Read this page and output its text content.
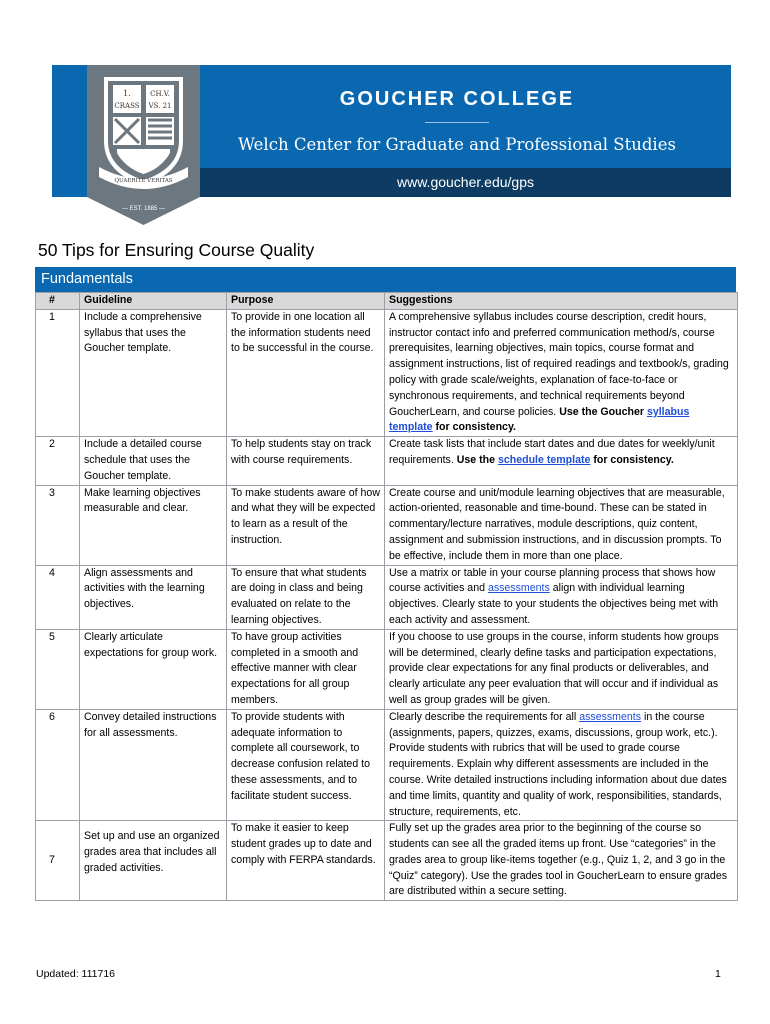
1.
CRASS
CH.V.
VS. 21
QUAERITE VERITAS
— EST. 1885 —
GOUCHER COLLEGE
Welch Center for Graduate and Professional Studies
www.goucher.edu/gps
50 Tips for Ensuring Course Quality
Fundamentals
#	Guideline	Purpose	Suggestions
1	Include a comprehensive syllabus that uses the Goucher template.	To provide in one location all the information students need to be successful in the course.	A comprehensive syllabus includes course description, credit hours, instructor contact info and preferred communication method/s, course prerequisites, learning objectives, main topics, course format and assignment instructions, list of required readings and textbook/s, grading policy with grade scale/weights, explanation of face-to-face or synchronous requirements, and technical requirements beyond GoucherLearn, and course policies. Use the Goucher syllabus template for consistency.
2	Include a detailed course schedule that uses the Goucher template.	To help students stay on track with course requirements.	Create task lists that include start dates and due dates for weekly/unit requirements. Use the schedule template for consistency.
3	Make learning objectives measurable and clear.	To make students aware of how and what they will be expected to learn as a result of the instruction.	Create course and unit/module learning objectives that are measurable, action-oriented, reasonable and time-bound. These can be stated in commentary/lecture narratives, module descriptions, quiz content, assignment and submission instructions, and in discussion prompts. To be effective, include them in more than one place.
4	Align assessments and activities with the learning objectives.	To ensure that what students are doing in class and being evaluated on relate to the learning objectives.	Use a matrix or table in your course planning process that shows how course activities and assessments align with individual learning objectives. Clearly state to your students the objectives being met with each activity and assessment.
5	Clearly articulate expectations for group work.	To have group activities completed in a smooth and effective manner with clear expectations for all group members.	If you choose to use groups in the course, inform students how groups will be determined, clearly define tasks and participation expectations, provide clear expectations for any final products or deliverables, and clearly articulate any peer evaluation that will occur and if individual as well as group grades will be given.
6	Convey detailed instructions for all assessments.	To provide students with adequate information to complete all coursework, to decrease confusion related to these assessments, and to facilitate student success.	Clearly describe the requirements for all assessments in the course (assignments, papers, quizzes, exams, discussions, group work, etc.). Provide students with rubrics that will be used to grade course requirements. Explain why different assessments are included in the course. Write detailed instructions including information about due dates and time limits, quantity and quality of work, responsibilities, standards, structure, requirements, etc.
7	Set up and use an organized grades area that includes all graded activities.	To make it easier to keep student grades up to date and comply with FERPA standards.	Fully set up the grades area prior to the beginning of the course so students can see all the graded items up front. Use “categories” in the grades area to group like-items together (e.g., Quiz 1, 2, and 3 go in the “Quiz” category). Use the grades tool in GoucherLearn to ensure grades are distributed within a secure setting.
Updated: 111716	1
